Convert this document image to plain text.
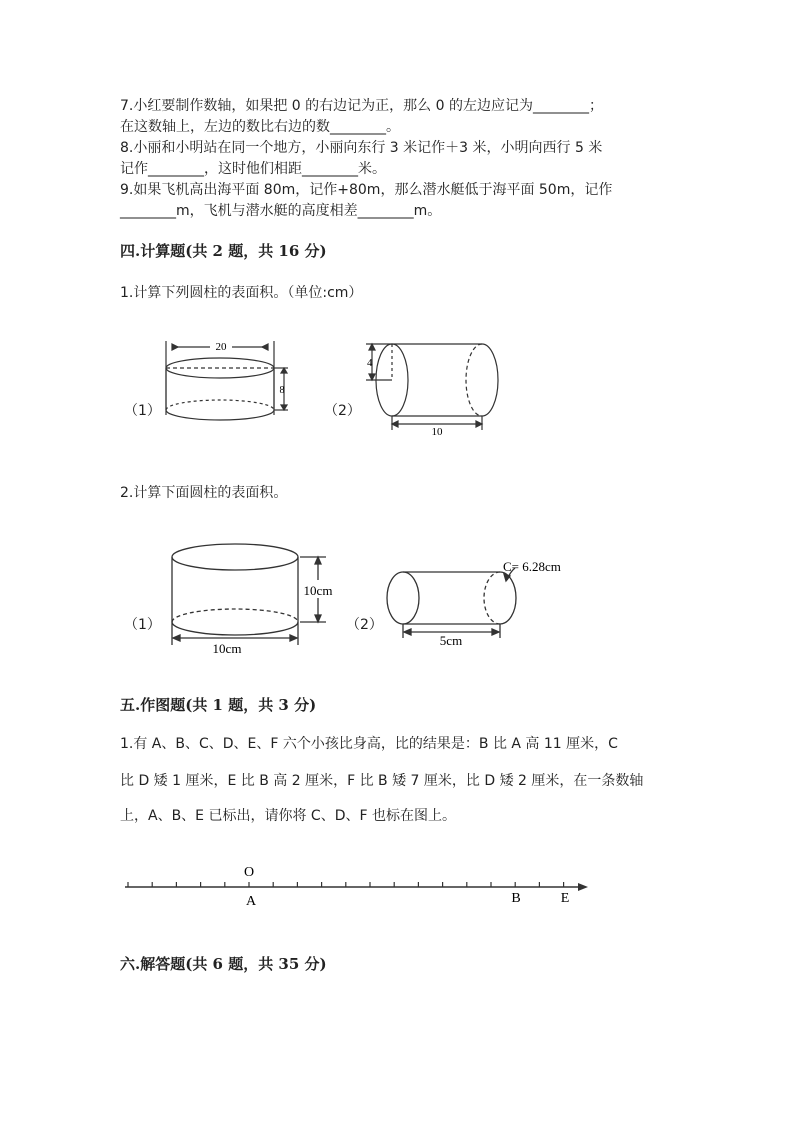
7.小红要制作数轴，如果把 0 的右边记为正，那么 0 的左边应记为________；
在这数轴上，左边的数比右边的数________。
8.小丽和小明站在同一个地方，小丽向东行 3 米记作＋3 米，小明向西行 5 米
记作________，这时他们相距________米。
9.如果飞机高出海平面 80m，记作+80m，那么潜水艇低于海平面 50m，记作
________m，飞机与潜水艇的高度相差________m。
四.计算题(共 2 题，共 16 分)
1.计算下列圆柱的表面积。（单位:cm）
（1）
20
8
（2）
4
10
2.计算下面圆柱的表面积。
（1）
10cm
10cm
（2）
C= 6.28cm
5cm
五.作图题(共 1 题，共 3 分)
1.有 A、B、C、D、E、F 六个小孩比身高，比的结果是：B 比 A 高 11 厘米，C
比 D 矮 1 厘米，E 比 B 高 2 厘米，F 比 B 矮 7 厘米，比 D 矮 2 厘米，在一条数轴
上，A、B、E 已标出，请你将 C、D、F 也标在图上。
O
A	B	E
六.解答题(共 6 题，共 35 分)
